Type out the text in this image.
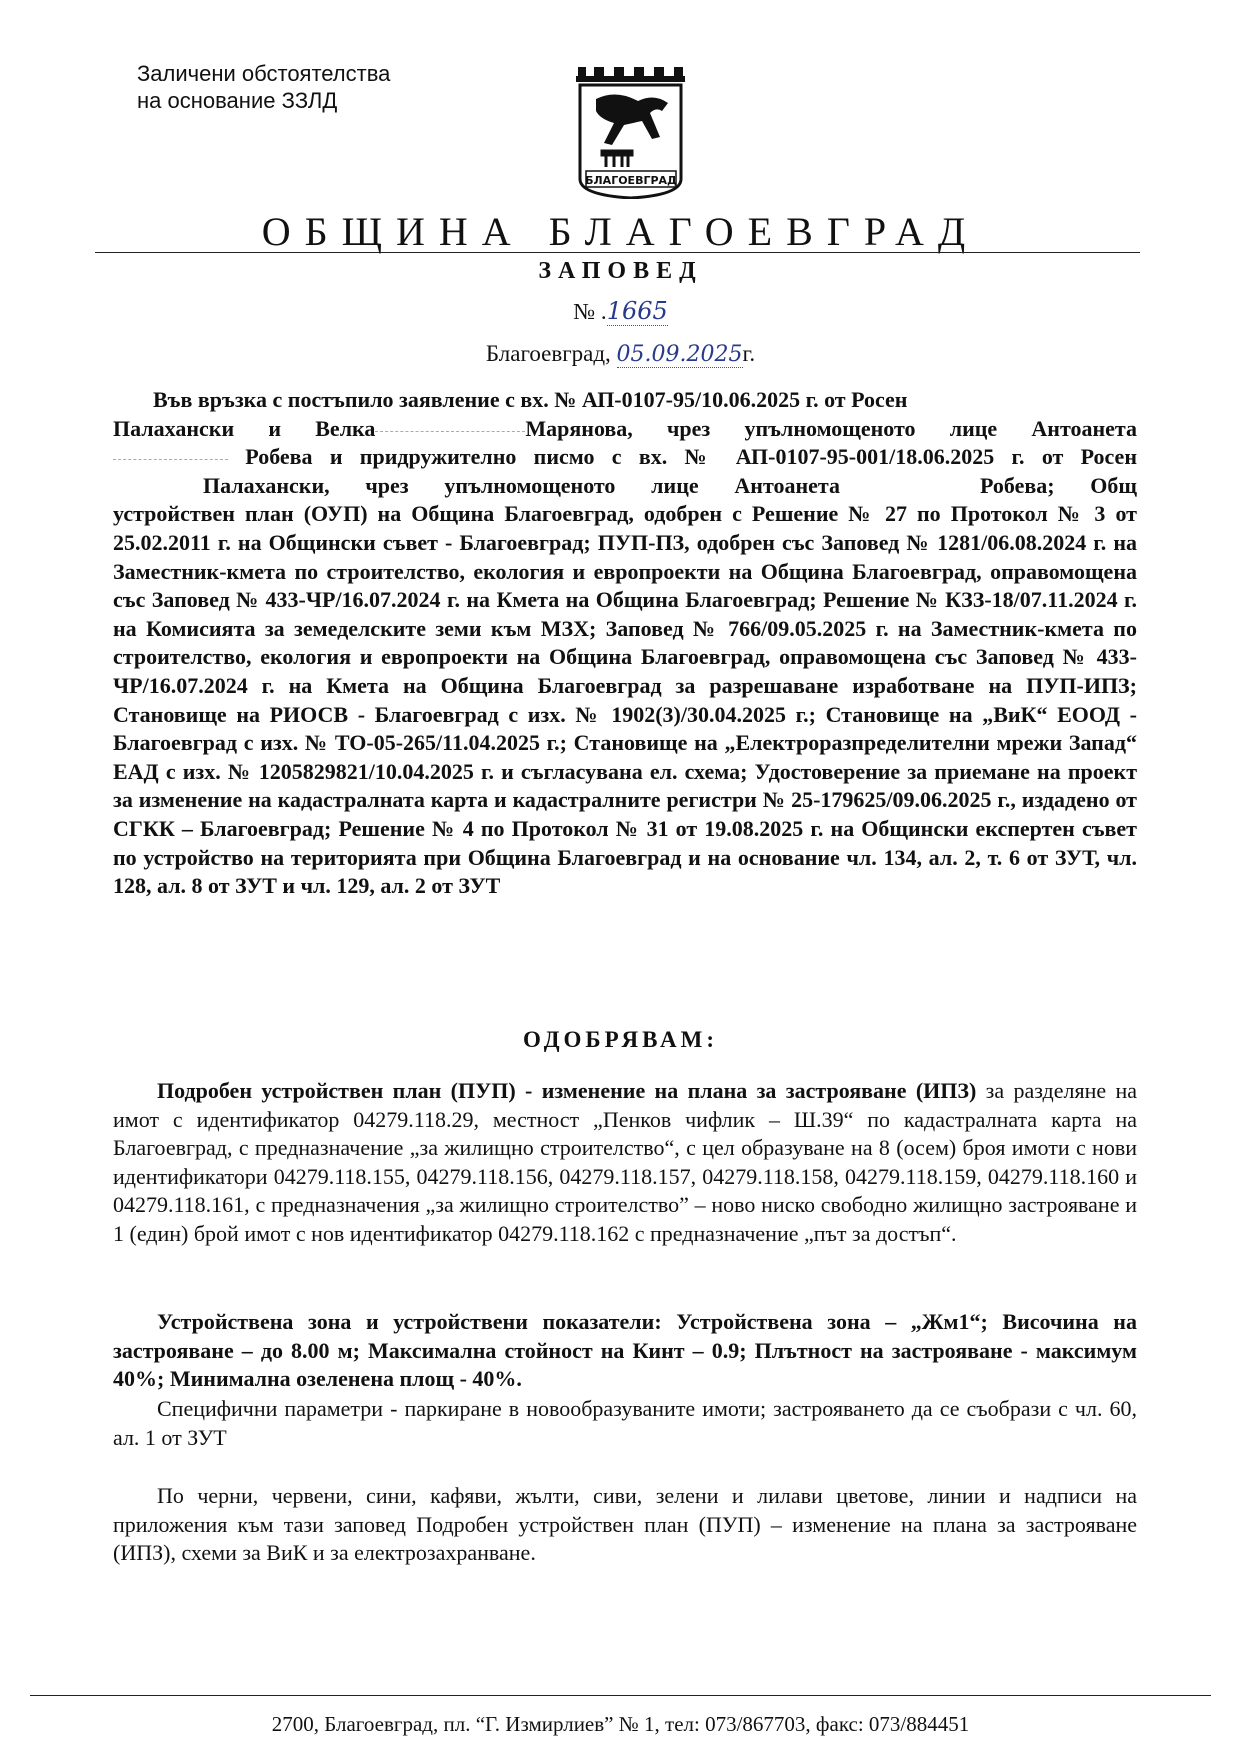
Заличени обстоятелства
на основание ЗЗЛД
БЛАГОЕВГРАД
ОБЩИНА БЛАГОЕВГРАД
ЗАПОВЕД
№ .1665
Благоевград, 05.09.2025г.
Във връзка с постъпило заявление с вх. № АП-0107-95/10.06.2025 г. от Росен
Палахански и Велка	Марянова, чрез упълномощеното лице Антоанета
Робева и придружително писмо с вх. № АП-0107-95-001/18.06.2025 г. от Росен
Палахански, чрез упълномощеното лице Антоанета	Робева; Общ
устройствен план (ОУП) на Община Благоевград, одобрен с Решение № 27 по Протокол № 3 от 25.02.2011 г. на Общински съвет - Благоевград; ПУП-ПЗ, одобрен със Заповед № 1281/06.08.2024 г. на Заместник-кмета по строителство, екология и европроекти на Община Благоевград, оправомощена със Заповед № 433-ЧР/16.07.2024 г. на Кмета на Община Благоевград; Решение № КЗЗ-18/07.11.2024 г. на Комисията за земеделските земи към МЗХ; Заповед № 766/09.05.2025 г. на Заместник-кмета по строителство, екология и европроекти на Община Благоевград, оправомощена със Заповед № 433-ЧР/16.07.2024 г. на Кмета на Община Благоевград за разрешаване изработване на ПУП-ИПЗ; Становище на РИОСВ - Благоевград с изх. № 1902(3)/30.04.2025 г.; Становище на „ВиК“ ЕООД - Благоевград с изх. № ТО-05-265/11.04.2025 г.; Становище на „Електроразпределителни мрежи Запад“ ЕАД с изх. № 1205829821/10.04.2025 г. и съгласувана ел. схема; Удостоверение за приемане на проект за изменение на кадастралната карта и кадастралните регистри № 25-179625/09.06.2025 г., издадено от СГКК – Благоевград; Решение № 4 по Протокол № 31 от 19.08.2025 г. на Общински експертен съвет по устройство на територията при Община Благоевград и на основание чл. 134, ал. 2, т. 6 от ЗУТ, чл. 128, ал. 8 от ЗУТ и чл. 129, ал. 2 от ЗУТ
ОДОБРЯВАМ:
Подробен устройствен план (ПУП) - изменение на плана за застрояване (ИПЗ) за разделяне на имот с идентификатор 04279.118.29, местност „Пенков чифлик – Ш.39“ по кадастралната карта на Благоевград, с предназначение „за жилищно строителство“, с цел образуване на 8 (осем) броя имоти с нови идентификатори 04279.118.155, 04279.118.156, 04279.118.157, 04279.118.158, 04279.118.159, 04279.118.160 и 04279.118.161, с предназначения „за жилищно строителство” – ново ниско свободно жилищно застрояване и 1 (един) брой имот с нов идентификатор 04279.118.162 с предназначение „път за достъп“.
Устройствена зона и устройствени показатели: Устройствена зона – „Жм1“; Височина на застрояване – до 8.00 м; Максимална стойност на Кинт – 0.9; Плътност на застрояване - максимум 40%; Минимална озеленена площ - 40%.
Специфични параметри - паркиране в новообразуваните имоти; застрояването да се съобрази с чл. 60, ал. 1 от ЗУТ
По черни, червени, сини, кафяви, жълти, сиви, зелени и лилави цветове, линии и надписи на приложения към тази заповед Подробен устройствен план (ПУП) – изменение на плана за застрояване (ИПЗ), схеми за ВиК и за електрозахранване.
2700, Благоевград, пл. “Г. Измирлиев” № 1, тел: 073/867703, факс: 073/884451
